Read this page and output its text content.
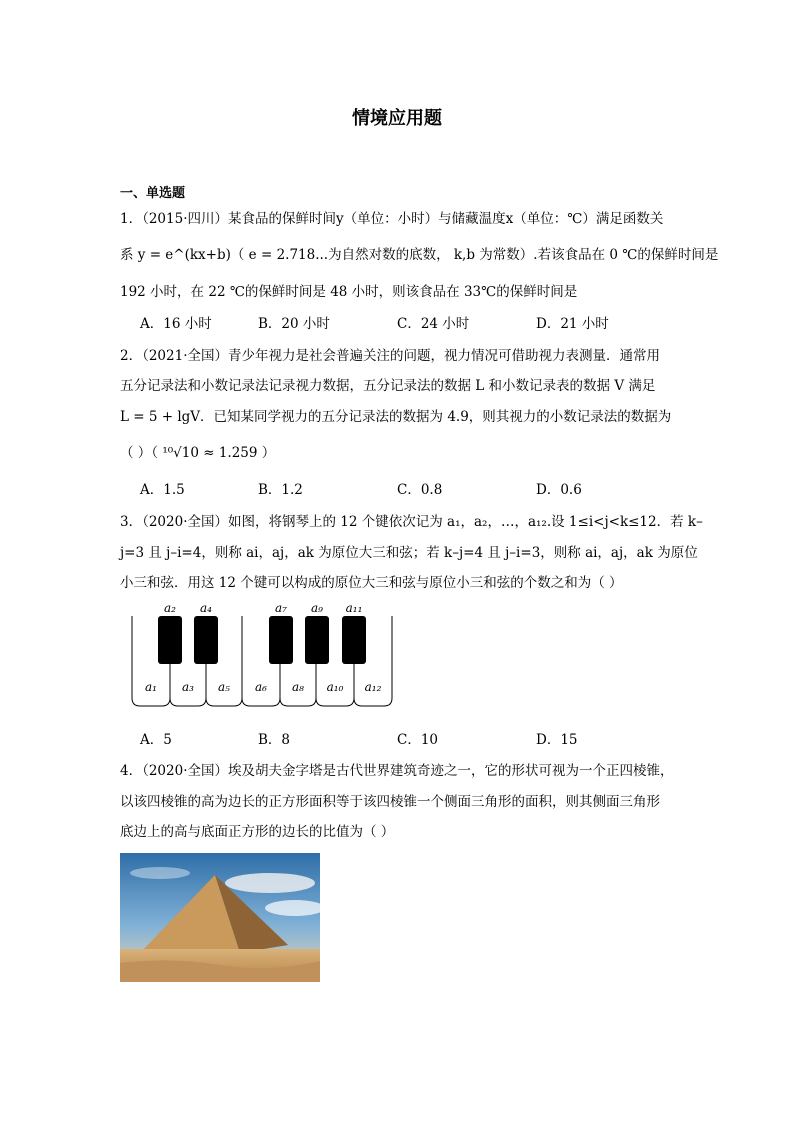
情境应用题
一、单选题
1．（2015·四川）某食品的保鲜时间y（单位：小时）与储藏温度x（单位：℃）满足函数关
系 y = e^(kx+b)（ e = 2.718...为自然对数的底数， k,b 为常数）.若该食品在 0 ℃的保鲜时间是
192 小时，在 22 ℃的保鲜时间是 48 小时，则该食品在 33℃的保鲜时间是
A．16 小时	B．20 小时	C．24 小时	D．21 小时
2．（2021·全国）青少年视力是社会普遍关注的问题，视力情况可借助视力表测量．通常用
五分记录法和小数记录法记录视力数据，五分记录法的数据 L 和小数记录表的数据 V 满足
L = 5 + lgV．已知某同学视力的五分记录法的数据为 4.9，则其视力的小数记录法的数据为
（ ）（ ¹⁰√10 ≈ 1.259 ）
A．1.5	B．1.2	C．0.8	D．0.6
3．（2020·全国）如图，将钢琴上的 12 个键依次记为 a₁，a₂，…，a₁₂.设 1≤i<j<k≤12．若 k–
j=3 且 j–i=4，则称 ai，aj，ak 为原位大三和弦；若 k–j=4 且 j–i=3，则称 ai，aj，ak 为原位
小三和弦．用这 12 个键可以构成的原位大三和弦与原位小三和弦的个数之和为（ ）
a₂ a₄	a₇ a₉ a₁₁
a₁ a₃ a₅ a₆ a₈ a₁₀ a₁₂
A．5	B．8	C．10	D．15
4．（2020·全国）埃及胡夫金字塔是古代世界建筑奇迹之一，它的形状可视为一个正四棱锥，
以该四棱锥的高为边长的正方形面积等于该四棱锥一个侧面三角形的面积，则其侧面三角形
底边上的高与底面正方形的边长的比值为（ ）
